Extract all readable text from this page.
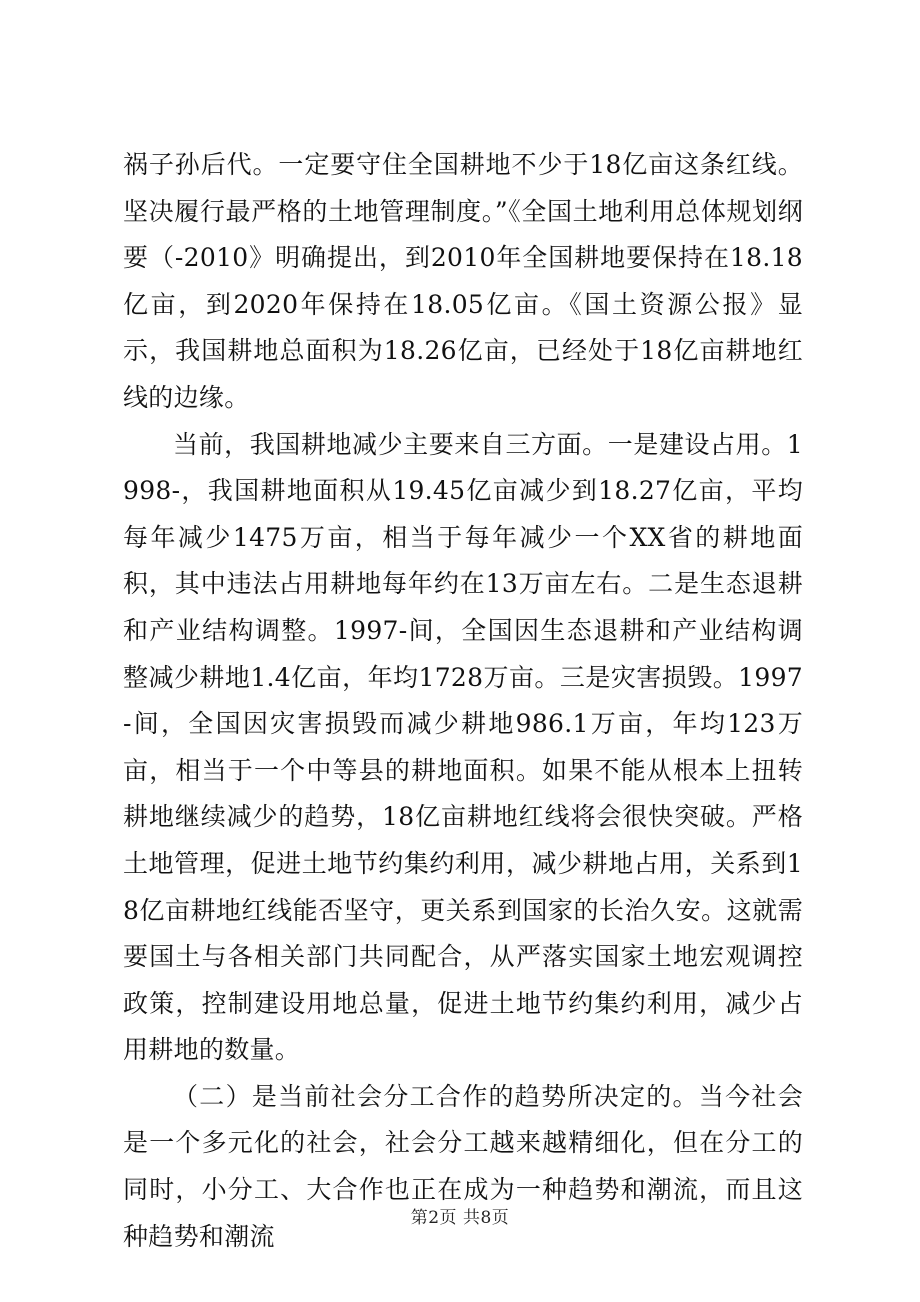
祸子孙后代。一定要守住全国耕地不少于18亿亩这条红线。坚决履行最严格的土地管理制度。”《全国土地利用总体规划纲要（-2010》明确提出，到2010年全国耕地要保持在18.18亿亩，到2020年保持在18.05亿亩。《国土资源公报》显示，我国耕地总面积为18.26亿亩，已经处于18亿亩耕地红线的边缘。

当前，我国耕地减少主要来自三方面。一是建设占用。1998-，我国耕地面积从19.45亿亩减少到18.27亿亩，平均每年减少1475万亩，相当于每年减少一个XX省的耕地面积，其中违法占用耕地每年约在13万亩左右。二是生态退耕和产业结构调整。1997-间，全国因生态退耕和产业结构调整减少耕地1.4亿亩，年均1728万亩。三是灾害损毁。1997-间，全国因灾害损毁而减少耕地986.1万亩，年均123万亩，相当于一个中等县的耕地面积。如果不能从根本上扭转耕地继续减少的趋势，18亿亩耕地红线将会很快突破。严格土地管理，促进土地节约集约利用，减少耕地占用，关系到18亿亩耕地红线能否坚守，更关系到国家的长治久安。这就需要国土与各相关部门共同配合，从严落实国家土地宏观调控政策，控制建设用地总量，促进土地节约集约利用，减少占用耕地的数量。

（二）是当前社会分工合作的趋势所决定的。当今社会是一个多元化的社会，社会分工越来越精细化，但在分工的同时，小分工、大合作也正在成为一种趋势和潮流，而且这种趋势和潮流

第2页 共8页
